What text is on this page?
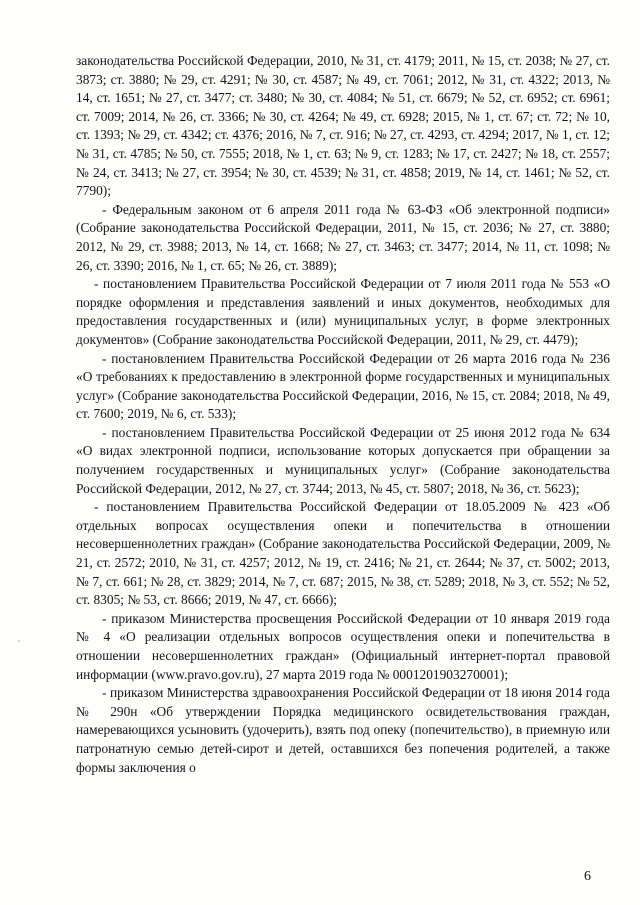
законодательства Российской Федерации, 2010, № 31, ст. 4179; 2011, № 15, ст. 2038; № 27, ст. 3873; ст. 3880; № 29, ст. 4291; № 30, ст. 4587; № 49, ст. 7061; 2012, № 31, ст. 4322; 2013, № 14, ст. 1651; № 27, ст. 3477; ст. 3480; № 30, ст. 4084; № 51, ст. 6679; № 52, ст. 6952; ст. 6961; ст. 7009; 2014, № 26, ст. 3366; № 30, ст. 4264; № 49, ст. 6928; 2015, № 1, ст. 67; ст. 72; № 10, ст. 1393; № 29, ст. 4342; ст. 4376; 2016, № 7, ст. 916; № 27, ст. 4293, ст. 4294; 2017, № 1, ст. 12; № 31, ст. 4785; № 50, ст. 7555; 2018, № 1, ст. 63; № 9, ст. 1283; № 17, ст. 2427; № 18, ст. 2557; № 24, ст. 3413; № 27, ст. 3954; № 30, ст. 4539; № 31, ст. 4858; 2019, № 14, ст. 1461; № 52, ст. 7790);

- Федеральным законом от 6 апреля 2011 года № 63-ФЗ «Об электронной подписи» (Собрание законодательства Российской Федерации, 2011, № 15, ст. 2036; № 27, ст. 3880; 2012, № 29, ст. 3988; 2013, № 14, ст. 1668; № 27, ст. 3463; ст. 3477; 2014, № 11, ст. 1098; № 26, ст. 3390; 2016, № 1, ст. 65; № 26, ст. 3889);

- постановлением Правительства Российской Федерации от 7 июля 2011 года № 553 «О порядке оформления и представления заявлений и иных документов, необходимых для предоставления государственных и (или) муниципальных услуг, в форме электронных документов» (Собрание законодательства Российской Федерации, 2011, № 29, ст. 4479);

- постановлением Правительства Российской Федерации от 26 марта 2016 года № 236 «О требованиях к предоставлению в электронной форме государственных и муниципальных услуг» (Собрание законодательства Российской Федерации, 2016, № 15, ст. 2084; 2018, № 49, ст. 7600; 2019, № 6, ст. 533);

- постановлением Правительства Российской Федерации от 25 июня 2012 года № 634 «О видах электронной подписи, использование которых допускается при обращении за получением государственных и муниципальных услуг» (Собрание законодательства Российской Федерации, 2012, № 27, ст. 3744; 2013, № 45, ст. 5807; 2018, № 36, ст. 5623);

- постановлением Правительства Российской Федерации от 18.05.2009 № 423 «Об отдельных вопросах осуществления опеки и попечительства в отношении несовершеннолетних граждан» (Собрание законодательства Российской Федерации, 2009, № 21, ст. 2572; 2010, № 31, ст. 4257; 2012, № 19, ст. 2416; № 21, ст. 2644; № 37, ст. 5002; 2013, № 7, ст. 661; № 28, ст. 3829; 2014, № 7, ст. 687; 2015, № 38, ст. 5289; 2018, № 3, ст. 552; № 52, ст. 8305; № 53, ст. 8666; 2019, № 47, ст. 6666);

- приказом Министерства просвещения Российской Федерации от 10 января 2019 года № 4 «О реализации отдельных вопросов осуществления опеки и попечительства в отношении несовершеннолетних граждан» (Официальный интернет-портал правовой информации (www.pravo.gov.ru), 27 марта 2019 года № 0001201903270001);

- приказом Министерства здравоохранения Российской Федерации от 18 июня 2014 года № 290н «Об утверждении Порядка медицинского освидетельствования граждан, намеревающихся усыновить (удочерить), взять под опеку (попечительство), в приемную или патронатную семью детей-сирот и детей, оставшихся без попечения родителей, а также формы заключения о

6
